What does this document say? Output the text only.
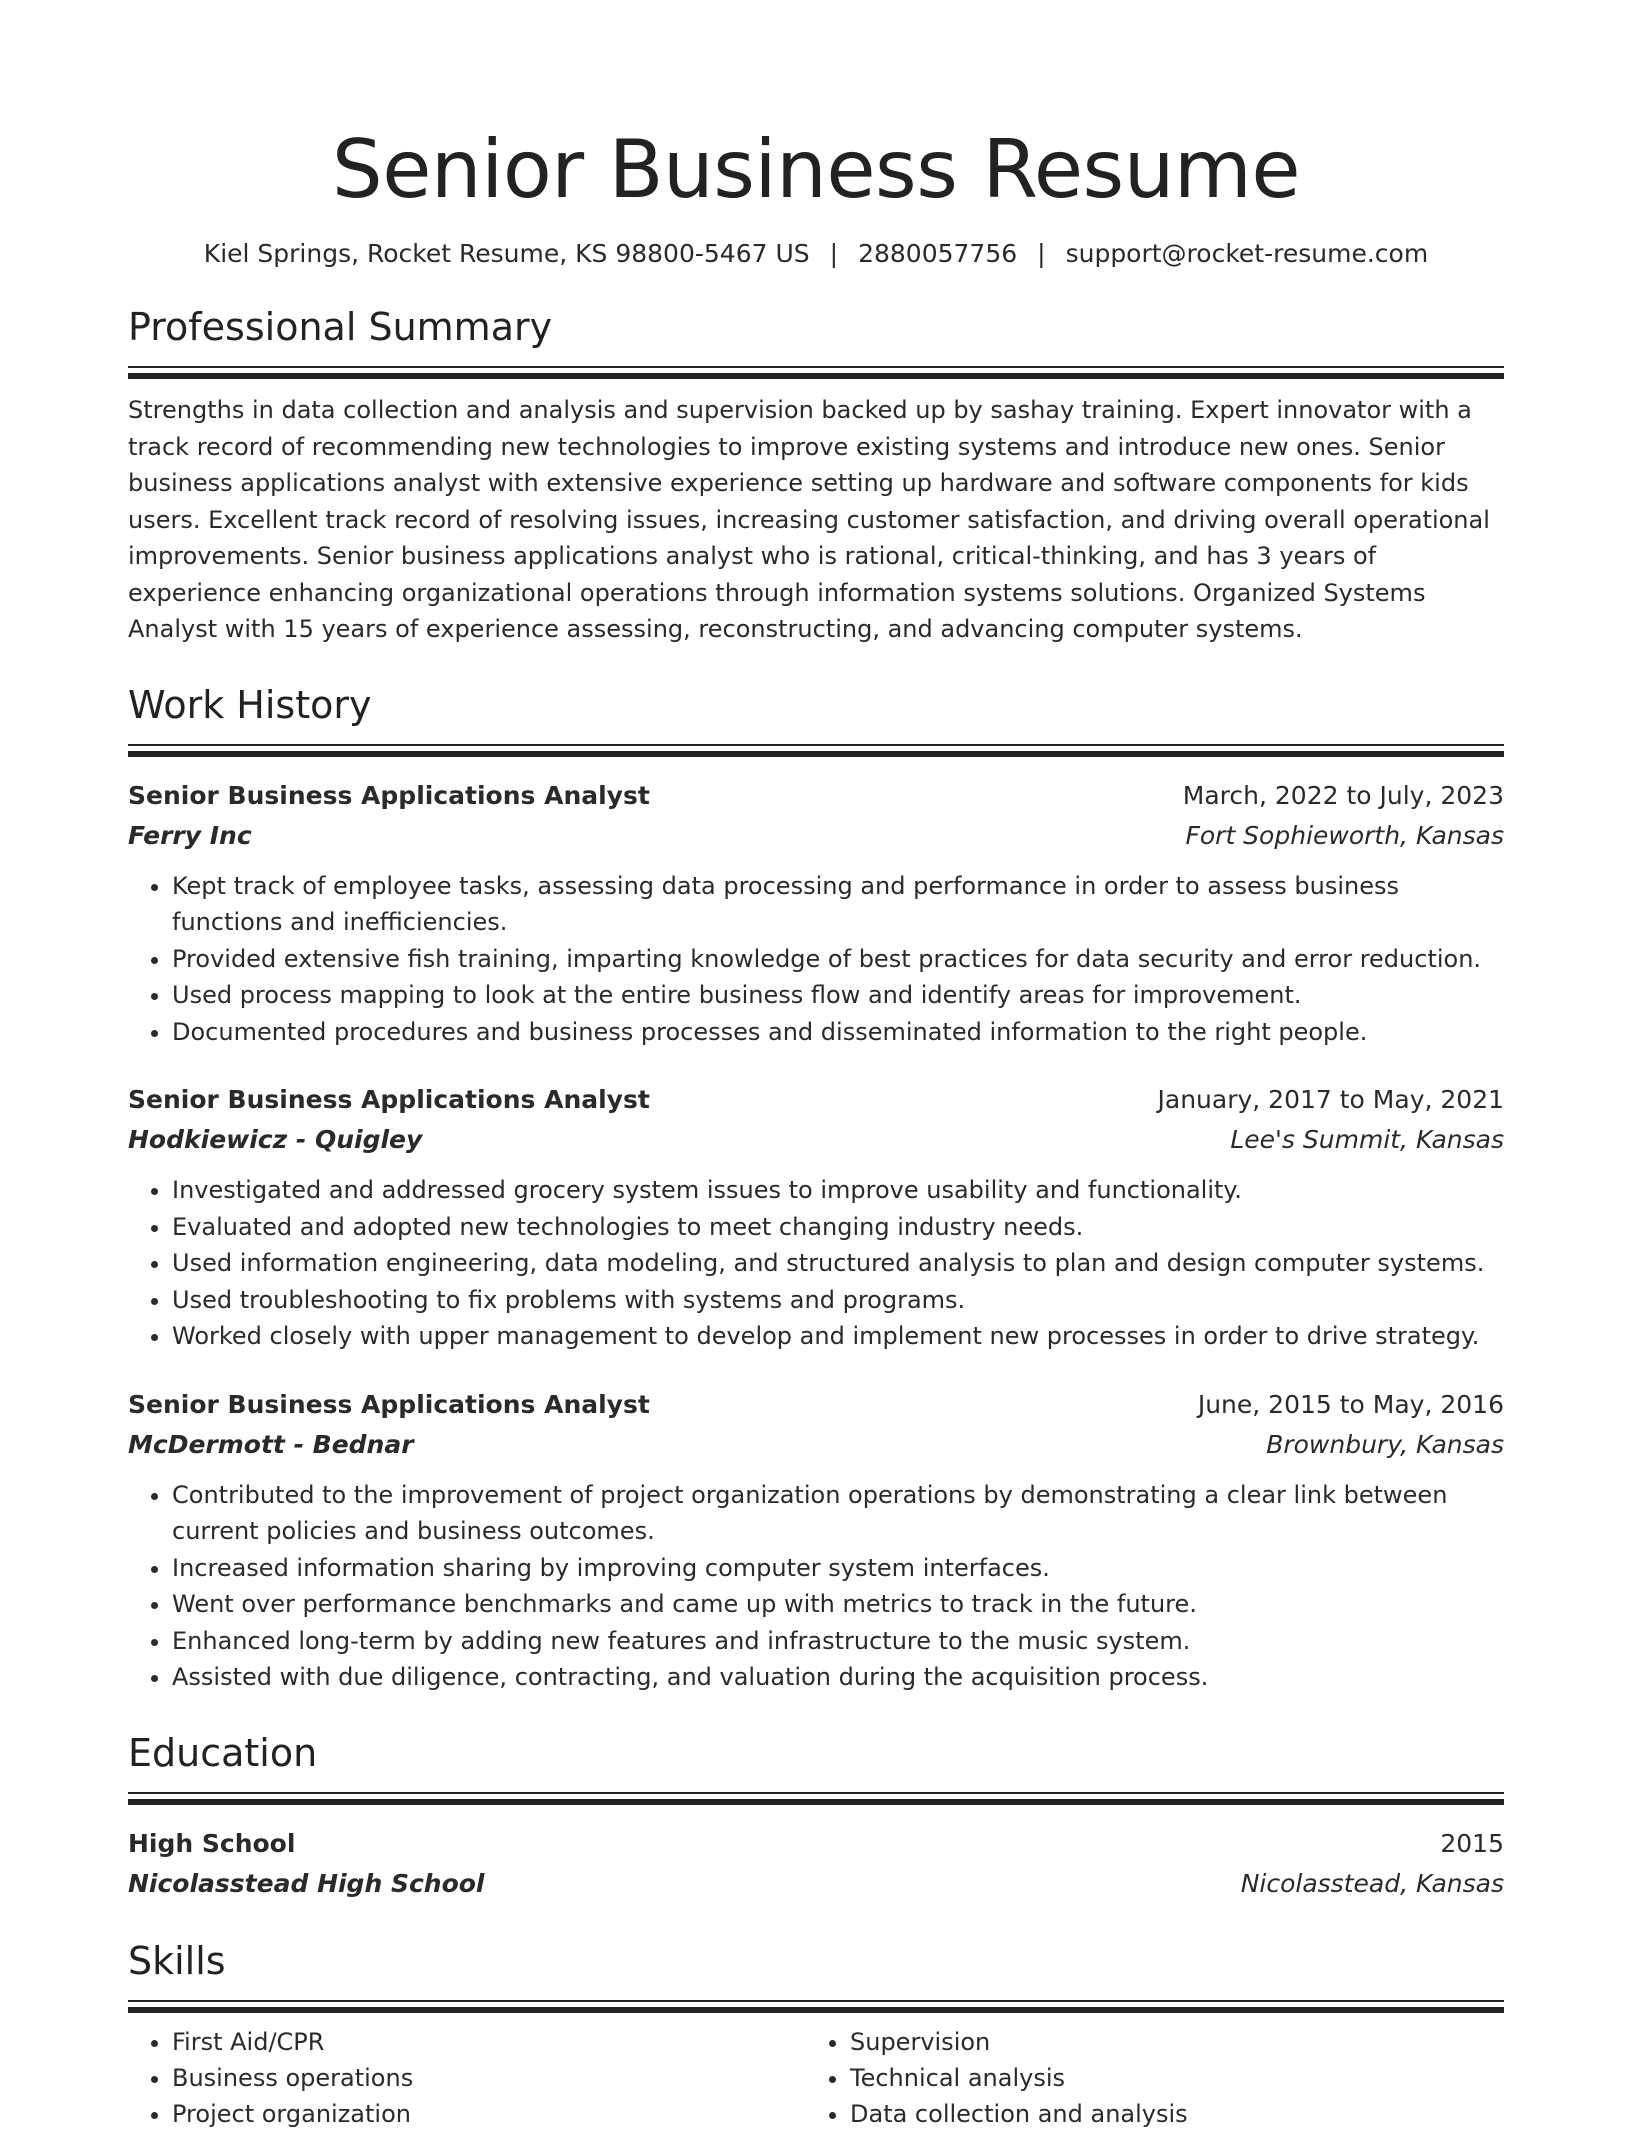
Senior Business Resume
Kiel Springs, Rocket Resume, KS 98800-5467 US | 2880057756 | support@rocket-resume.com
Professional Summary
Strengths in data collection and analysis and supervision backed up by sashay training. Expert innovator with a track record of recommending new technologies to improve existing systems and introduce new ones. Senior business applications analyst with extensive experience setting up hardware and software components for kids users. Excellent track record of resolving issues, increasing customer satisfaction, and driving overall operational improvements. Senior business applications analyst who is rational, critical-thinking, and has 3 years of experience enhancing organizational operations through information systems solutions. Organized Systems Analyst with 15 years of experience assessing, reconstructing, and advancing computer systems.
Work History
Senior Business Applications Analyst	March, 2022 to July, 2023
Ferry Inc	Fort Sophieworth, Kansas
• Kept track of employee tasks, assessing data processing and performance in order to assess business functions and inefficiencies.
• Provided extensive fish training, imparting knowledge of best practices for data security and error reduction.
• Used process mapping to look at the entire business flow and identify areas for improvement.
• Documented procedures and business processes and disseminated information to the right people.
Senior Business Applications Analyst	January, 2017 to May, 2021
Hodkiewicz - Quigley	Lee's Summit, Kansas
• Investigated and addressed grocery system issues to improve usability and functionality.
• Evaluated and adopted new technologies to meet changing industry needs.
• Used information engineering, data modeling, and structured analysis to plan and design computer systems.
• Used troubleshooting to fix problems with systems and programs.
• Worked closely with upper management to develop and implement new processes in order to drive strategy.
Senior Business Applications Analyst	June, 2015 to May, 2016
McDermott - Bednar	Brownbury, Kansas
• Contributed to the improvement of project organization operations by demonstrating a clear link between current policies and business outcomes.
• Increased information sharing by improving computer system interfaces.
• Went over performance benchmarks and came up with metrics to track in the future.
• Enhanced long-term by adding new features and infrastructure to the music system.
• Assisted with due diligence, contracting, and valuation during the acquisition process.
Education
High School	2015
Nicolasstead High School	Nicolasstead, Kansas
Skills
• First Aid/CPR
• Business operations
• Project organization
• Supervision
• Technical analysis
• Data collection and analysis
